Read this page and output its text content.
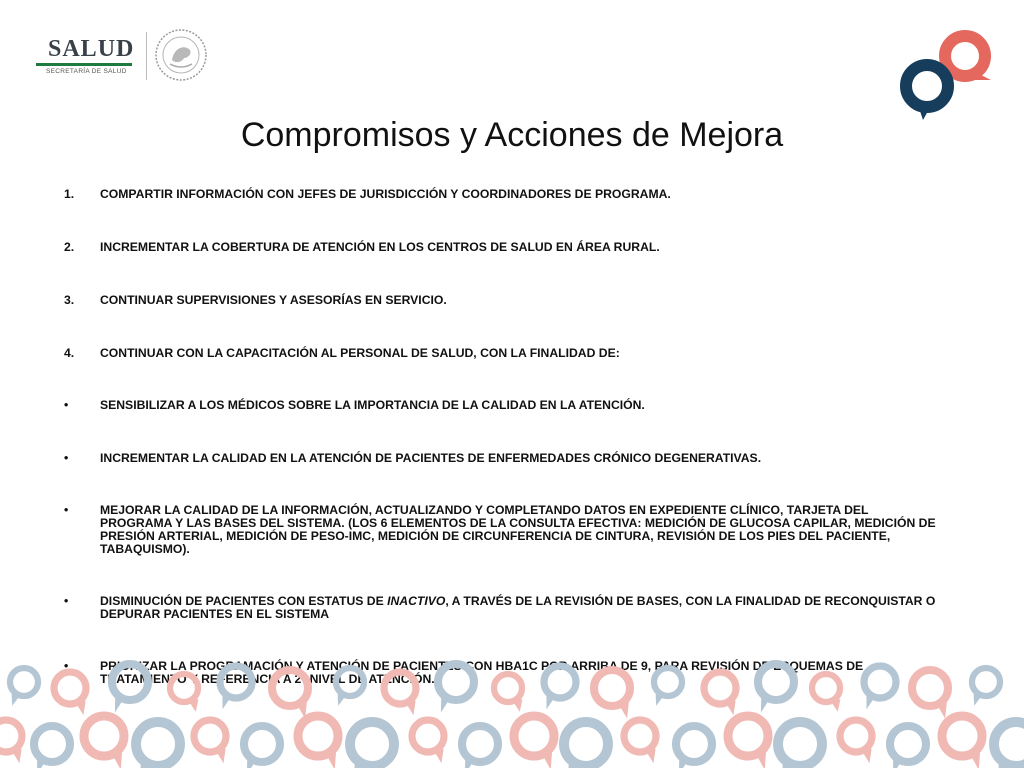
SALUD
SECRETARÍA DE SALUD
Compromisos y Acciones de Mejora
1.	COMPARTIR INFORMACIÓN CON JEFES DE JURISDICCIÓN Y COORDINADORES DE PROGRAMA.
2.	INCREMENTAR LA COBERTURA DE ATENCIÓN EN LOS CENTROS DE SALUD EN ÁREA RURAL.
3.	CONTINUAR SUPERVISIONES Y ASESORÍAS EN SERVICIO.
4.	CONTINUAR CON LA CAPACITACIÓN AL PERSONAL DE SALUD, CON LA FINALIDAD DE:
•	SENSIBILIZAR A LOS MÉDICOS SOBRE LA IMPORTANCIA DE LA CALIDAD EN LA ATENCIÓN.
•	INCREMENTAR LA CALIDAD EN LA ATENCIÓN DE PACIENTES DE ENFERMEDADES CRÓNICO DEGENERATIVAS.
•	MEJORAR LA CALIDAD DE LA INFORMACIÓN, ACTUALIZANDO Y COMPLETANDO DATOS EN EXPEDIENTE CLÍNICO, TARJETA DEL PROGRAMA Y LAS BASES DEL SISTEMA. (LOS 6 ELEMENTOS DE LA CONSULTA EFECTIVA: MEDICIÓN DE GLUCOSA CAPILAR, MEDICIÓN DE PRESIÓN ARTERIAL, MEDICIÓN DE PESO-IMC, MEDICIÓN DE CIRCUNFERENCIA DE CINTURA, REVISIÓN DE LOS PIES DEL PACIENTE, TABAQUISMO).
•	DISMINUCIÓN DE PACIENTES CON ESTATUS DE INACTIVO, A TRAVÉS DE LA REVISIÓN DE BASES, CON LA FINALIDAD DE RECONQUISTAR O DEPURAR PACIENTES EN EL SISTEMA
•	PRIORIZAR LA PROGRAMACIÓN Y ATENCIÓN DE PACIENTES CON HBA1C POR ARRIBA DE 9, PARA REVISIÓN DE ESQUEMAS DE TRATAMIENTO Y REFERENCIA A 2° NIVEL DE ATENCIÓN.
